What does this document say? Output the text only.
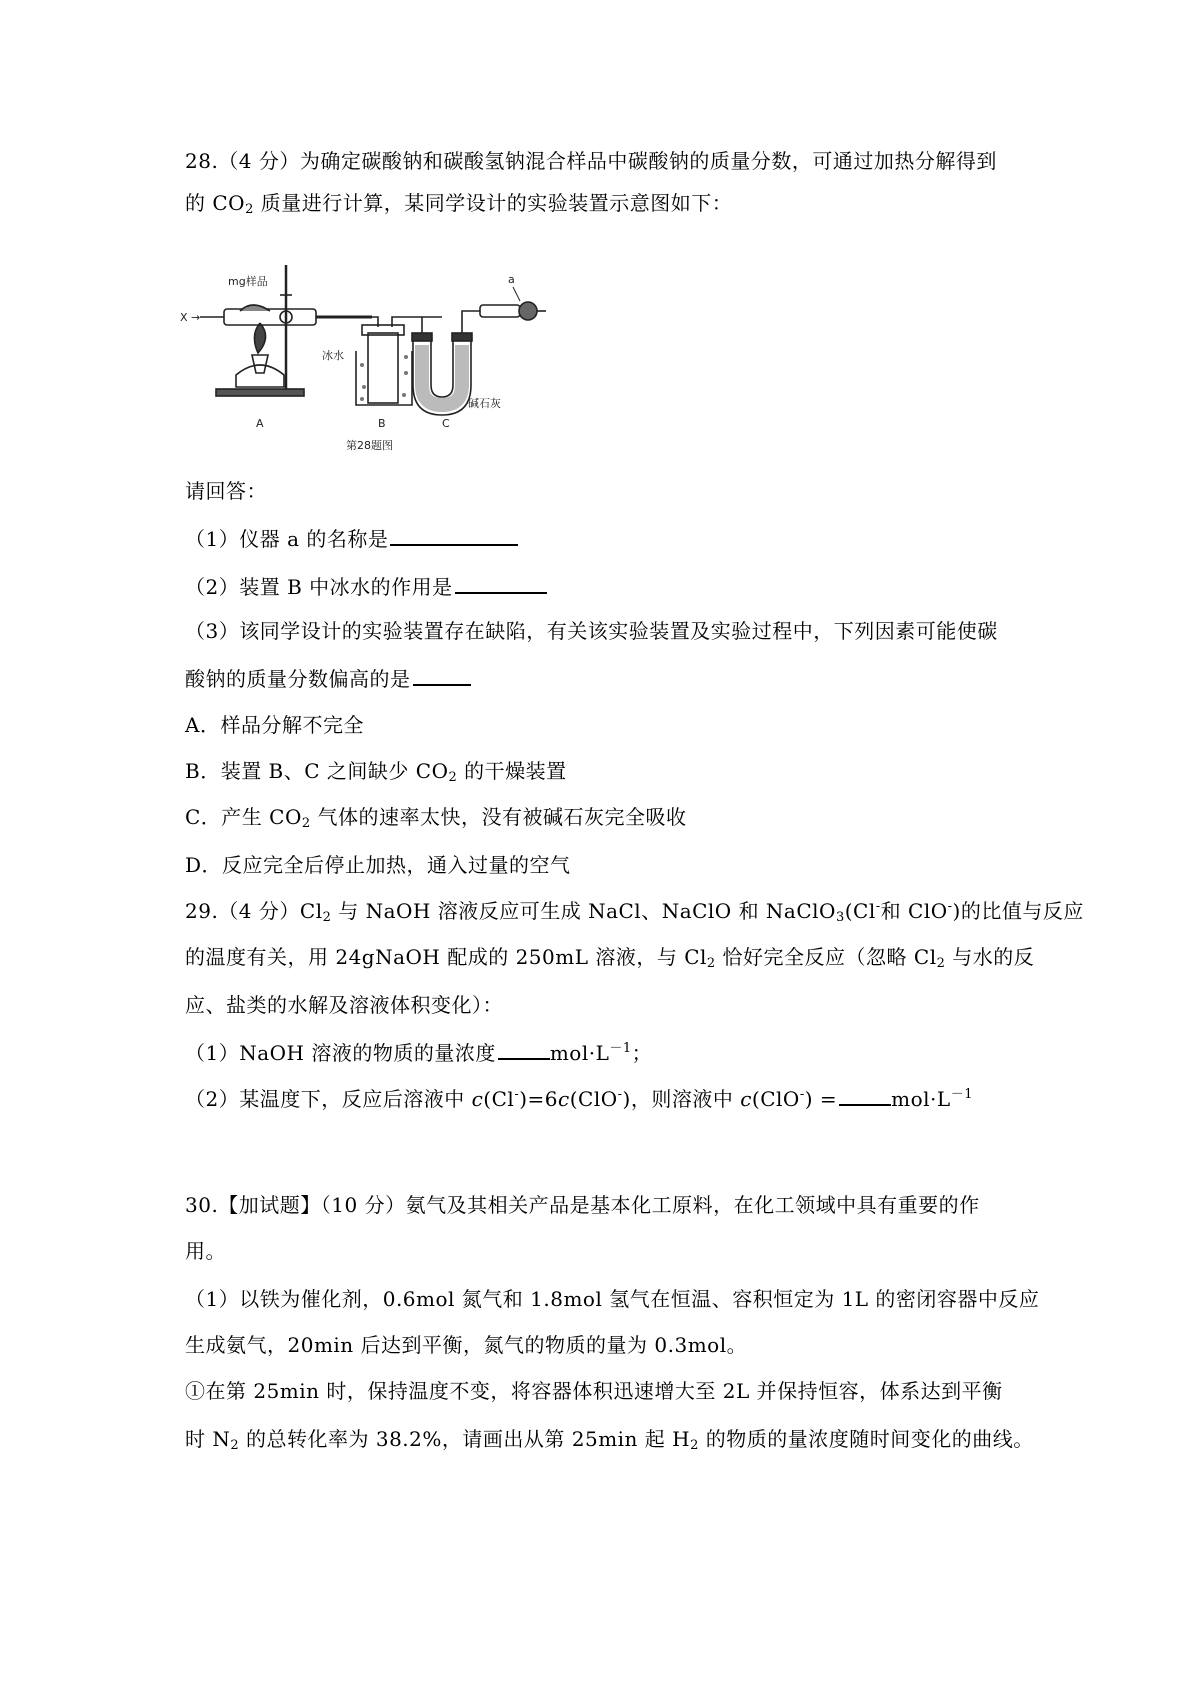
28.（4 分）为确定碳酸钠和碳酸氢钠混合样品中碳酸钠的质量分数，可通过加热分解得到
的 $CO_2$ 质量进行计算，某同学设计的实验装置示意图如下：
X →
mg样品	a
冰水
碱石灰
A	B	C
第28题图
请回答：
（1）仪器 a 的名称是
（2）装置 B 中冰水的作用是
（3）该同学设计的实验装置存在缺陷，有关该实验装置及实验过程中，下列因素可能使碳
酸钠的质量分数偏高的是
A．样品分解不完全
B．装置 B、C 之间缺少 $CO_2$ 的干燥装置
C．产生 $CO_2$ 气体的速率太快，没有被碱石灰完全吸收
D．反应完全后停止加热，通入过量的空气
29.（4 分）$Cl_2$ 与 NaOH 溶液反应可生成 NaCl、NaClO 和 NaClO$_3$(Cl-和 ClO-)的比值与反应
的温度有关，用 24gNaOH 配成的 250mL 溶液，与 $Cl_2$ 恰好完全反应（忽略 $Cl_2$ 与水的反
应、盐类的水解及溶液体积变化）：
（1）NaOH 溶液的物质的量浓度	$mol\cdot L^{-1}$；
（2）某温度下，反应后溶液中 c(Cl-)=6c(ClO-)，则溶液中 c(ClO-) =	$mol\cdot L^{-1}$
30.【加试题】（10 分）氨气及其相关产品是基本化工原料，在化工领域中具有重要的作
用。
（1）以铁为催化剂，0.6mol 氮气和 1.8mol 氢气在恒温、容积恒定为 1L 的密闭容器中反应
生成氨气，20min 后达到平衡，氮气的物质的量为 0.3mol。
①在第 25min 时，保持温度不变，将容器体积迅速增大至 2L 并保持恒容，体系达到平衡
时 $N_2$ 的总转化率为 38.2%，请画出从第 25min 起 $H_2$ 的物质的量浓度随时间变化的曲线。
